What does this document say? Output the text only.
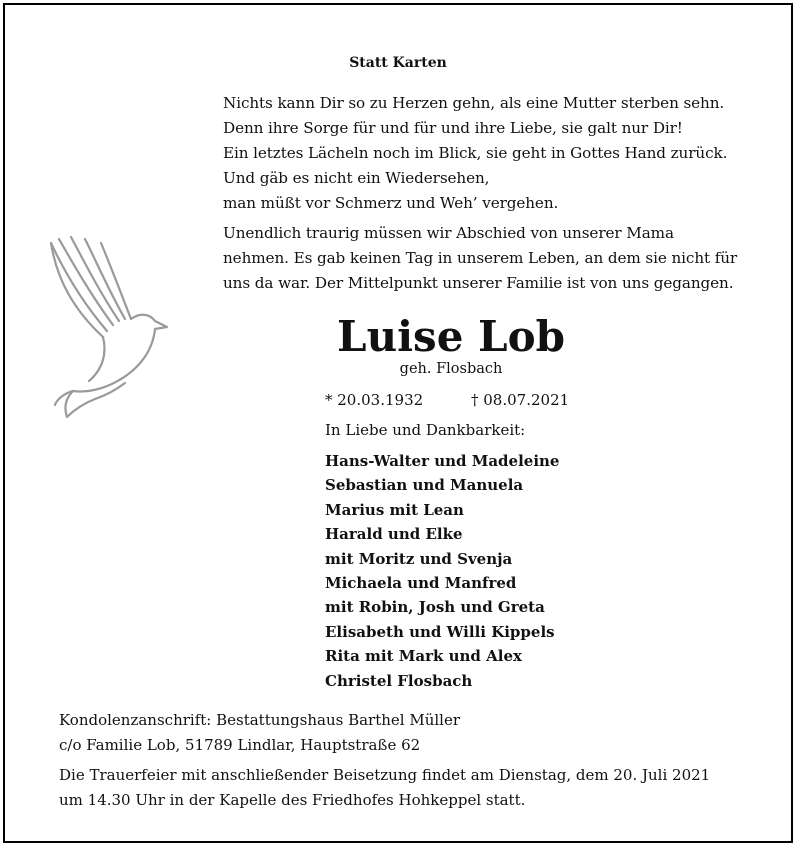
Statt Karten
Nichts kann Dir so zu Herzen gehn, als eine Mutter sterben sehn.
Denn ihre Sorge für und für und ihre Liebe, sie galt nur Dir!
Ein letztes Lächeln noch im Blick, sie geht in Gottes Hand zurück.
Und gäb es nicht ein Wiedersehen,
man müßt vor Schmerz und Weh’ vergehen.
Unendlich traurig müssen wir Abschied von unserer Mama
nehmen. Es gab keinen Tag in unserem Leben, an dem sie nicht für
uns da war. Der Mittelpunkt unserer Familie ist von uns gegangen.
Luise Lob
geh. Flosbach
* 20.03.1932	† 08.07.2021
In Liebe und Dankbarkeit:
Hans-Walter und Madeleine
Sebastian und Manuela
Marius mit Lean
Harald und Elke
mit Moritz und Svenja
Michaela und Manfred
mit Robin, Josh und Greta
Elisabeth und Willi Kippels
Rita mit Mark und Alex
Christel Flosbach
Kondolenzanschrift: Bestattungshaus Barthel Müller
c/o Familie Lob, 51789 Lindlar, Hauptstraße 62
Die Trauerfeier mit anschließender Beisetzung findet am Dienstag, dem 20. Juli 2021
um 14.30 Uhr in der Kapelle des Friedhofes Hohkeppel statt.
